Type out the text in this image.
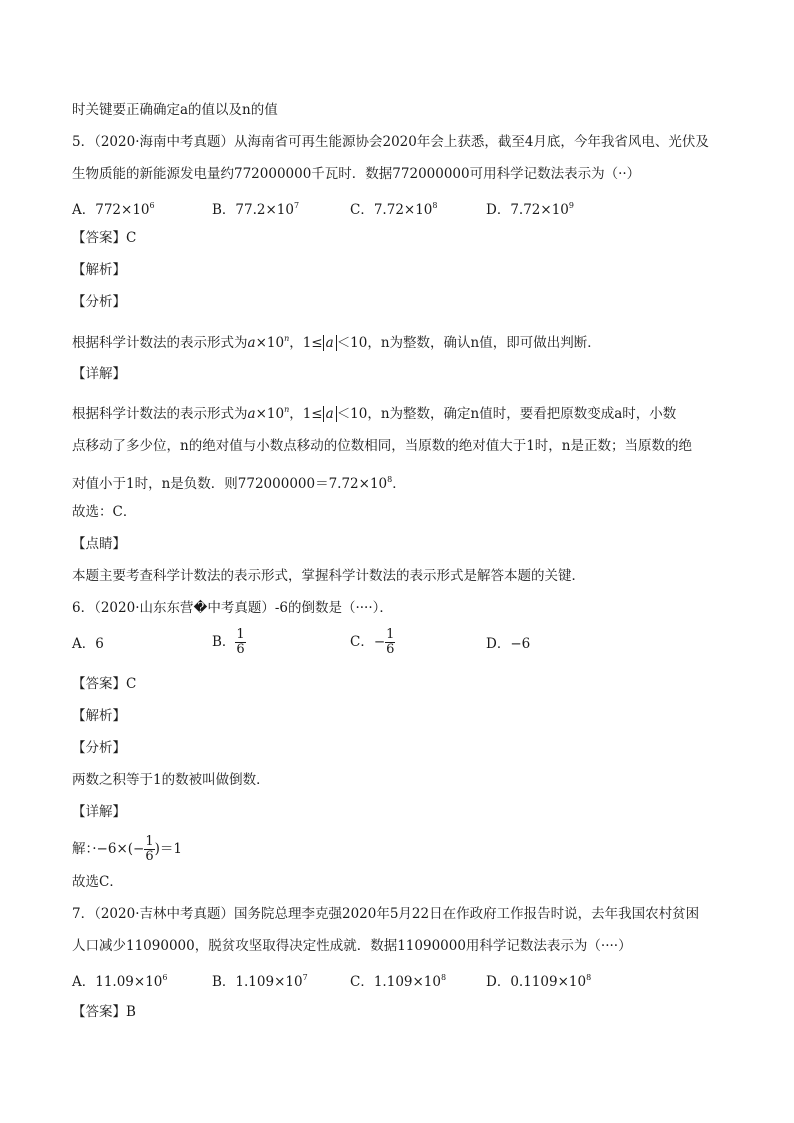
时关键要正确确定a的值以及n的值
5．（2020·海南中考真题）从海南省可再生能源协会2020年会上获悉，截至4月底，今年我省风电、光伏及
生物质能的新能源发电量约772000000千瓦时．数据772000000可用科学记数法表示为（··）
A．$772\times 10^6$	B．$77.2\times 10^7$	C．$7.72\times 10^8$	D．$7.72\times 10^9$
【答案】C
【解析】
【分析】
根据科学计数法的表示形式为$a\times 10^n$，1≤ a ＜10，n为整数，确认n值，即可做出判断．
【详解】
根据科学计数法的表示形式为$a\times 10^n$，1≤ a ＜10，n为整数，确定n值时，要看把原数变成a时，小数
点移动了多少位，n的绝对值与小数点移动的位数相同，当原数的绝对值大于1时，n是正数；当原数的绝
对值小于1时，n是负数．则$772000000=7.72\times 10^8$．
故选：C．
【点睛】
本题主要考查科学计数法的表示形式，掌握科学计数法的表示形式是解答本题的关键．
6．（2020·山东东营�中考真题）-6的倒数是（····）．
A．6	B． $\frac{1}{6}$	C．− $\frac{1}{6}$	D．−6
【答案】C
【解析】
【分析】
两数之积等于1的数被叫做倒数．
【详解】
解：$\cdot-6\times(- \frac{1}{6} )=1$
故选C．
7．（2020·吉林中考真题）国务院总理李克强2020年5月22日在作政府工作报告时说，去年我国农村贫困
人口减少11090000，脱贫攻坚取得决定性成就．数据11090000用科学记数法表示为（····）
A．$11.09\times 10^6$	B．$1.109\times 10^7$	C．$1.109\times 10^8$	D．$0.1109\times 10^8$
【答案】B
